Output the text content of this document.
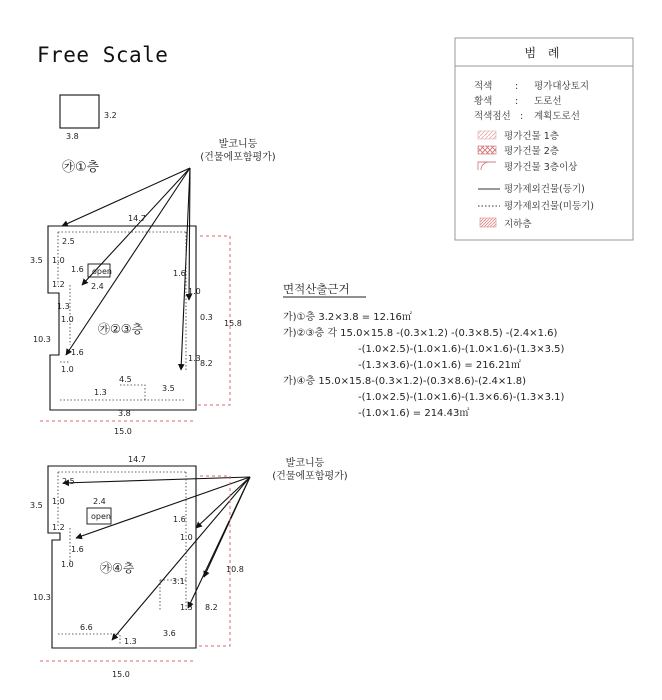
Free Scale	범 례
적색 : 평가대상토지
황색 : 도로선
적색점선 : 계획도로선
평가건물 1층
평가건물 2층
평가건물 3층이상
평가제외건물(등기)
평가제외건물(미등기)
지하층
3.2
3.8
㉮①층
발코니등
(건물에포함평가)
open
14.7
2.5
3.5 1.0
1.6
2.4
1.2
1.3
1.0
10.3
1.6
1.0
1.6
1.0
0.3
15.8
1.3
8.2
4.5
1.3	3.5
3.8
15.0
㉮②③층
면적산출근거
가)①층 3.2×3.8 = 12.16㎡
가)②③층 각 15.0×15.8 -(0.3×1.2) -(0.3×8.5) -(2.4×1.6)
-(1.0×2.5)-(1.0×1.6)-(1.0×1.6)-(1.3×3.5)
-(1.3×3.6)-(1.0×1.6) = 216.21㎡
가)④층 15.0×15.8-(0.3×1.2)-(0.3×8.6)-(2.4×1.8)
-(1.0×2.5)-(1.0×1.6)-(1.3×6.6)-(1.3×3.1)
-(1.0×1.6) = 214.43㎡
발코니등
(건물에포함평가)
open
14.7
2.5
3.5 1.0	2.4
1.2
1.6
1.0
10.3
1.6
1.0
10.8
3.1
1.3 8.2
6.6
1.3
3.6
15.0
㉮④층
